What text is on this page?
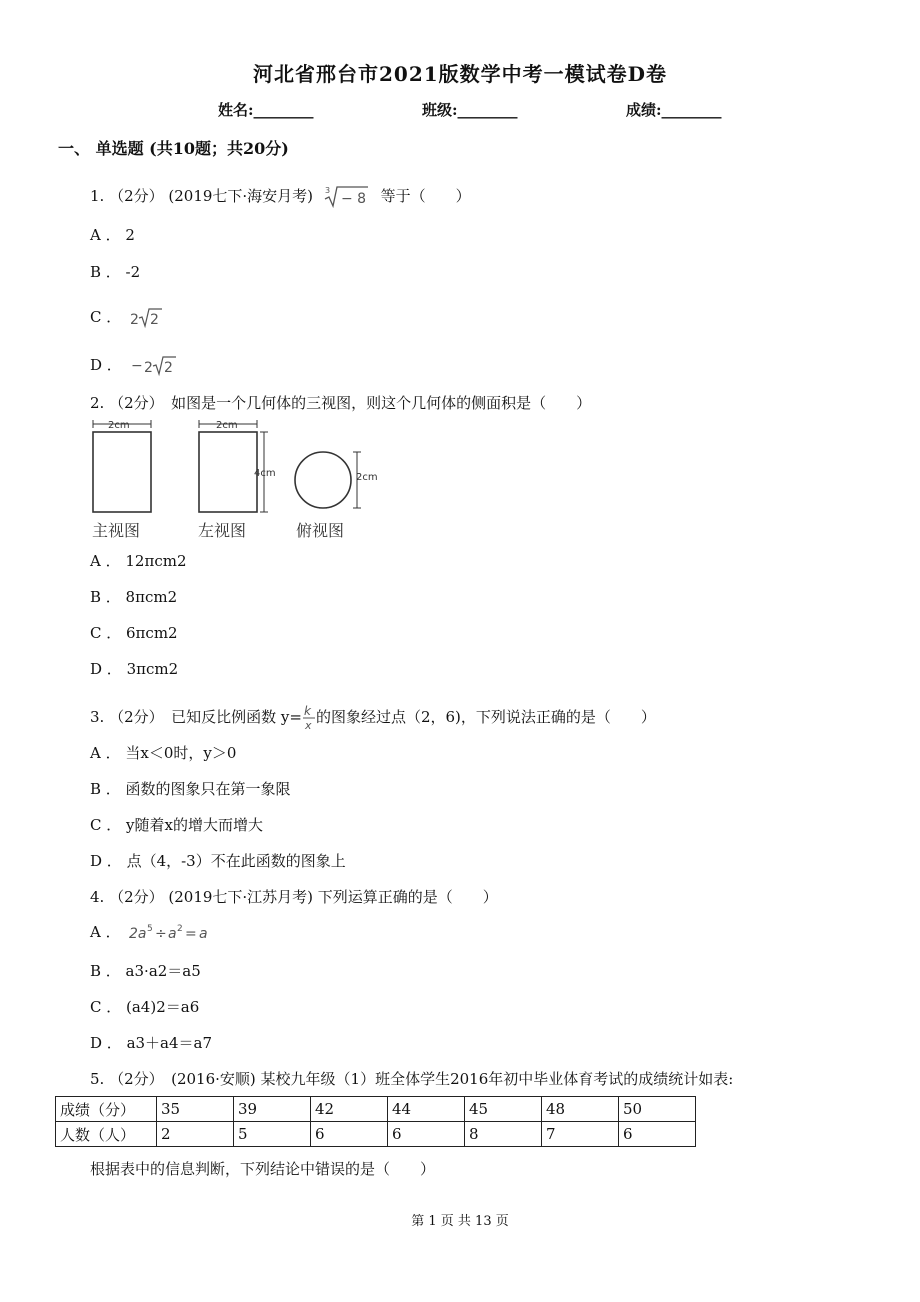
河北省邢台市2021版数学中考一模试卷D卷
姓名:________	班级:________	成绩:________
一、 单选题 (共10题；共20分)
1. （2分） (2019七下·海安月考) 3
− 8 等于（　　）
A ． 2
B ． -2
C ． 2 2
D ． − 2 2
2. （2分）　如图是一个几何体的三视图，则这个几何体的侧面积是（　　）
2cm
主视图
2cm
4cm
左视图
2cm
俯视图
A ． 12πcm2
B ． 8πcm2
C ． 6πcm2
D ． 3πcm2
3. （2分）　已知反比例函数 y= k
x 的图象经过点（2，6)，下列说法正确的是（　　）
A ． 当x＜0时，y＞0
B ． 函数的图象只在第一象限
C ． y随着x的增大而增大
D ． 点（4，-3）不在此函数的图象上
4. （2分） (2019七下·江苏月考) 下列运算正确的是（　　）
A ． 2a 5 ÷ a 2 = a
B ． a3·a2＝a5
C ． (a4)2＝a6
D ． a3＋a4＝a7
5. （2分）　(2016·安顺) 某校九年级（1）班全体学生2016年初中毕业体育考试的成绩统计如表:
成绩（分）	35	39	42	44	45	48	50
人数（人）	2	5	6	6	8	7	6
根据表中的信息判断，下列结论中错误的是（　　）
第 1 页 共 13 页
